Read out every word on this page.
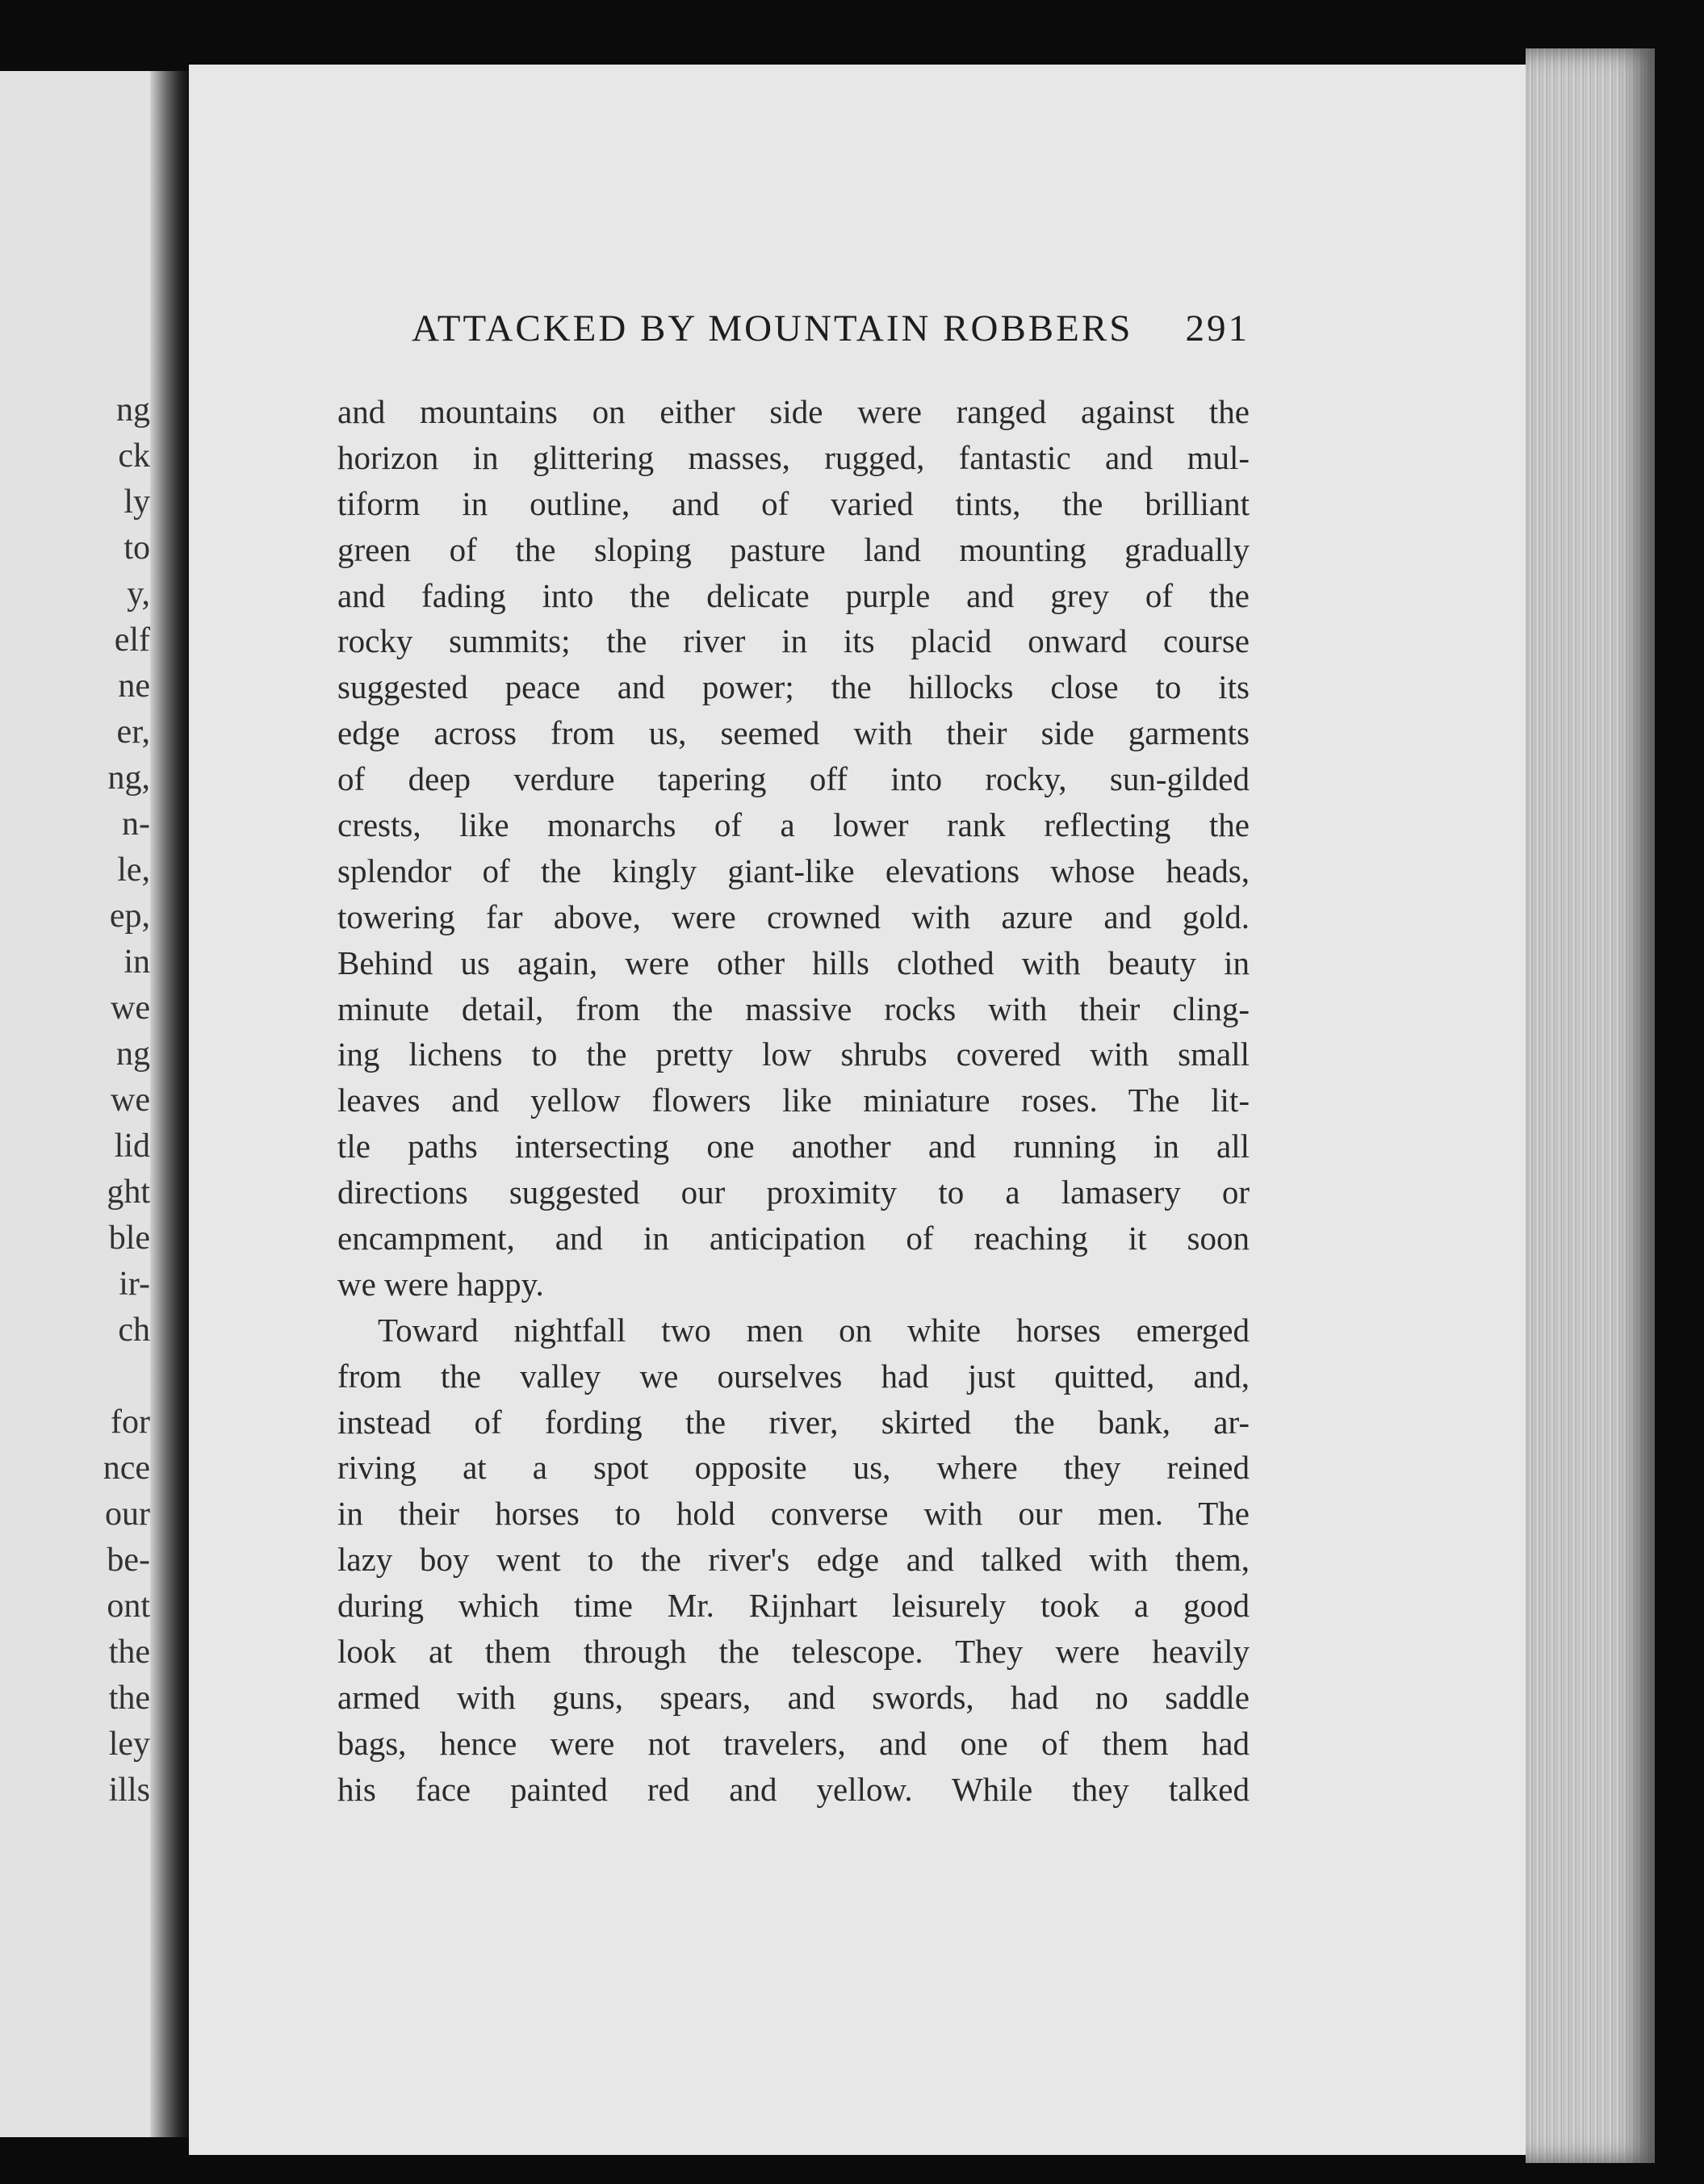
ng
ck
ly
to
y,
elf
ne
er,
ng,
n-
le,
ep,
in
we
ng
we
lid
ght
ble
ir-
ch
for
nce
our
be-
ont
the
the
ley
ills
ATTACKED BY MOUNTAIN ROBBERS 291
and mountains on either side were ranged against the
horizon in glittering masses, rugged, fantastic and mul-
tiform in outline, and of varied tints, the brilliant
green of the sloping pasture land mounting gradually
and fading into the delicate purple and grey of the
rocky summits; the river in its placid onward course
suggested peace and power; the hillocks close to its
edge across from us, seemed with their side garments
of deep verdure tapering off into rocky, sun-gilded
crests, like monarchs of a lower rank reflecting the
splendor of the kingly giant-like elevations whose heads,
towering far above, were crowned with azure and gold.
Behind us again, were other hills clothed with beauty in
minute detail, from the massive rocks with their cling-
ing lichens to the pretty low shrubs covered with small
leaves and yellow flowers like miniature roses. The lit-
tle paths intersecting one another and running in all
directions suggested our proximity to a lamasery or
encampment, and in anticipation of reaching it soon
we were happy.
Toward nightfall two men on white horses emerged
from the valley we ourselves had just quitted, and,
instead of fording the river, skirted the bank, ar-
riving at a spot opposite us, where they reined
in their horses to hold converse with our men. The
lazy boy went to the river's edge and talked with them,
during which time Mr. Rijnhart leisurely took a good
look at them through the telescope. They were heavily
armed with guns, spears, and swords, had no saddle
bags, hence were not travelers, and one of them had
his face painted red and yellow. While they talked
